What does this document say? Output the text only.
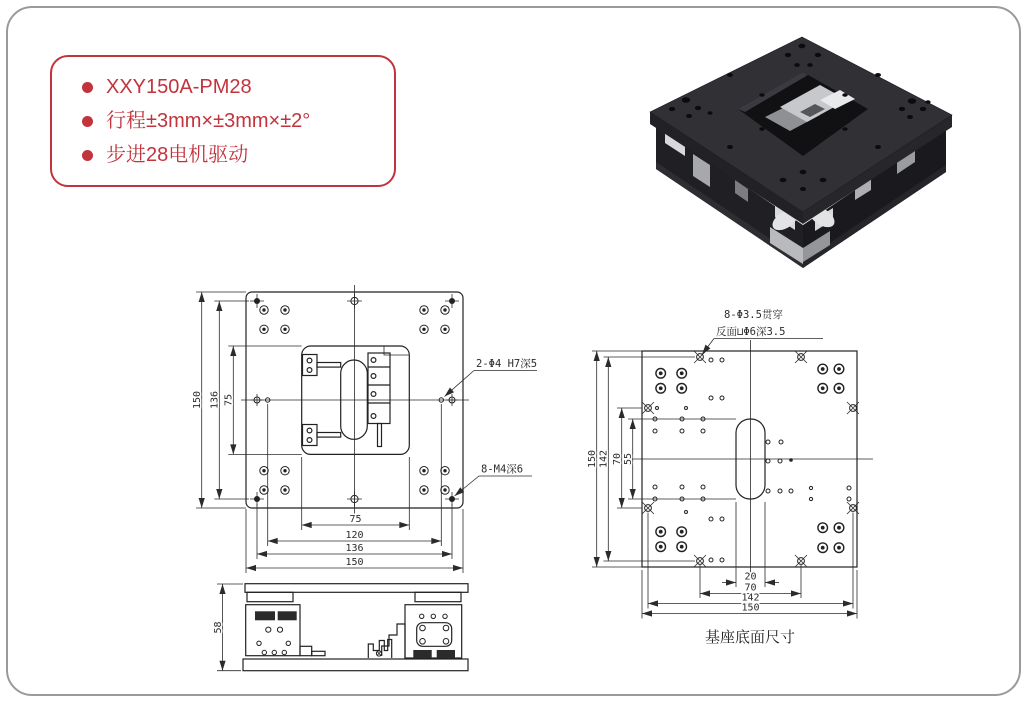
XXY150A-PM28
行程±3mm×±3mm×±2°
步进28电机驱动
150 136 75
75
120
136
150
2-Φ4 H7深5
8-M4深6
58
8-Φ3.5贯穿
反面⊔Φ6深3.5
150 142 70 55
20
70
142
150
基座底面尺寸
